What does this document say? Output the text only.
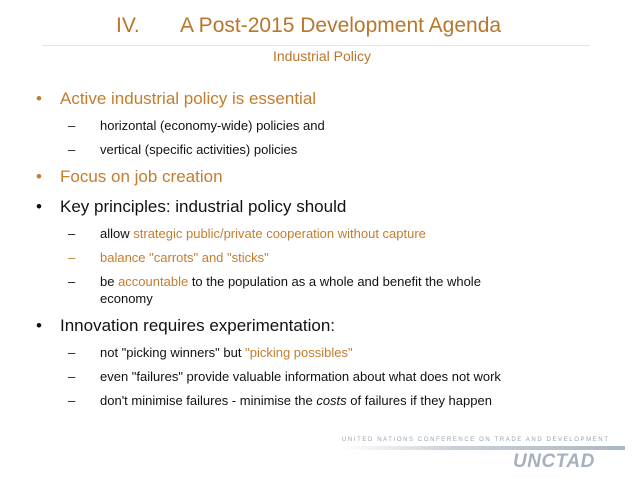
IV. A Post-2015 Development Agenda
Industrial Policy
•	Active industrial policy is essential
– horizontal (economy-wide) policies and
– vertical (specific activities) policies
•	Focus on job creation
•	Key principles: industrial policy should
– allow strategic public/private cooperation without capture
– balance "carrots" and "sticks"
– be accountable to the population as a whole and benefit the whole
economy
•	Innovation requires experimentation:
– not "picking winners" but "picking possibles"
– even "failures" provide valuable information about what does not work
– don't minimise failures - minimise the costs of failures if they happen
UNITED NATIONS CONFERENCE ON TRADE AND DEVELOPMENT
UNCTAD
